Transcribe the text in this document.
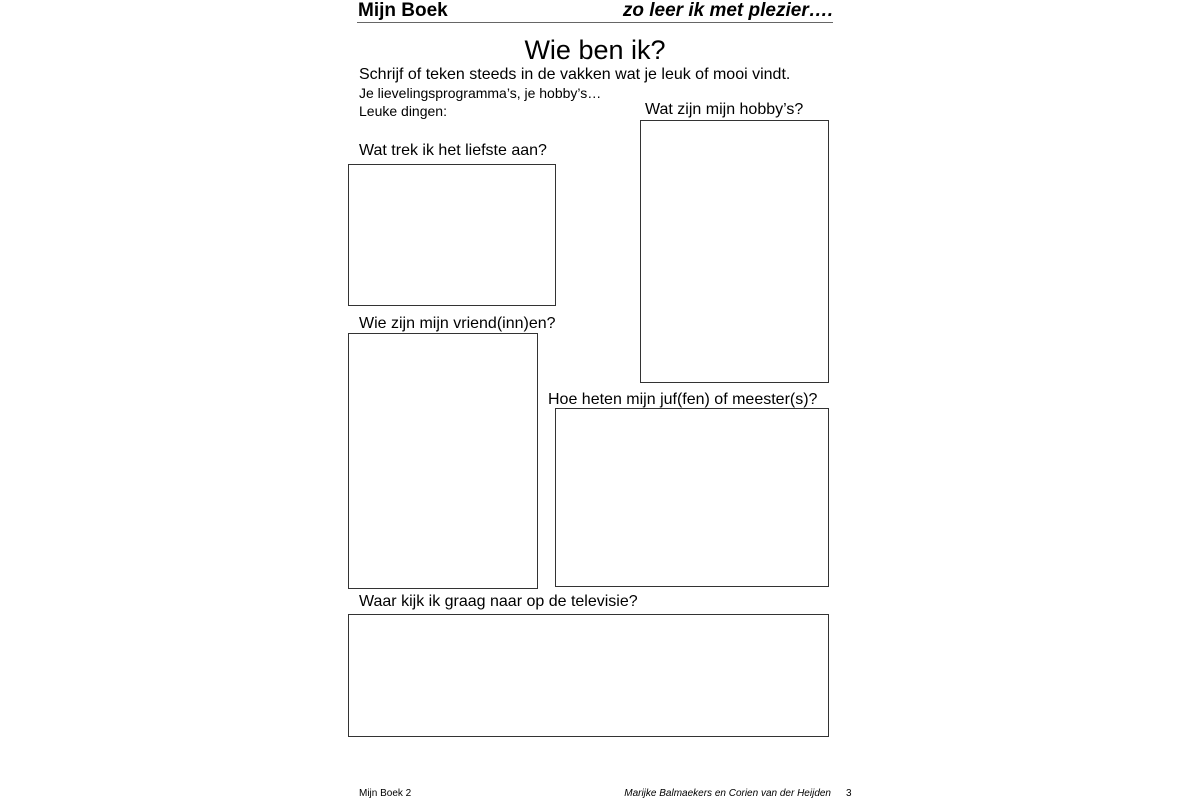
Mijn Boek	zo leer ik met plezier….
Wie ben ik?
Schrijf of teken steeds in de vakken wat je leuk of mooi vindt.
Je lievelingsprogramma’s, je hobby’s…
Leuke dingen:	Wat zijn mijn hobby’s?
Wat trek ik het liefste aan?
Wie zijn mijn vriend(inn)en?
Hoe heten mijn juf(fen) of meester(s)?
Waar kijk ik graag naar op de televisie?
Mijn Boek 2	Marijke Balmaekers en Corien van der Heijden 3
